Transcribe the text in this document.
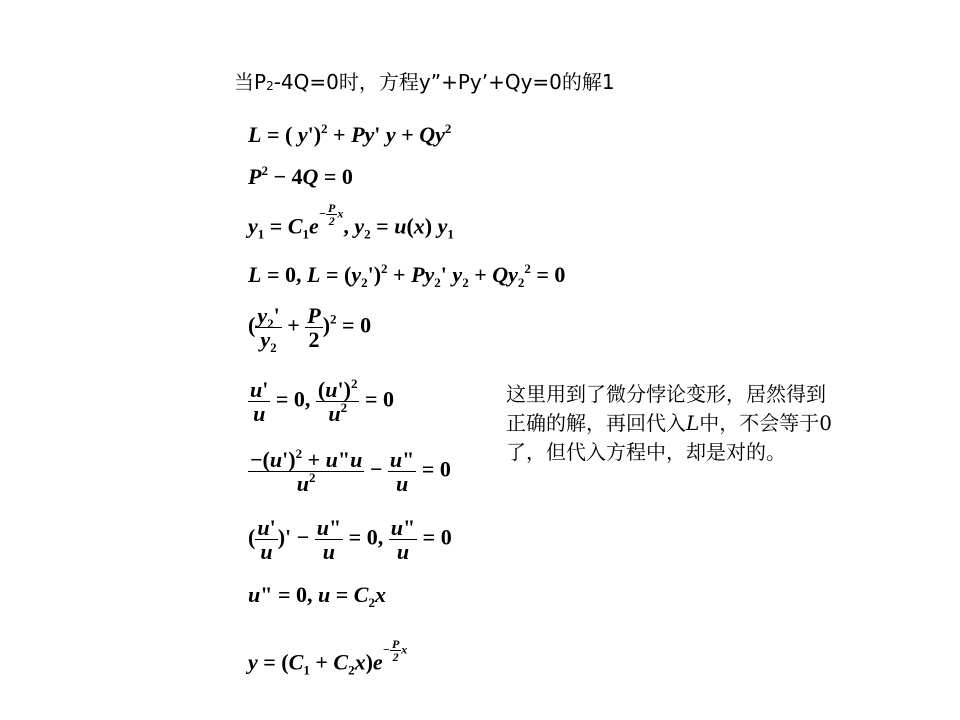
当$P_2-4Q=0$时，方程y”+Py’+Qy=0的解1
L = ( y')$^2$ + Py' $y + Qy^2$
$P^2 - 4Q = 0$
$y_1 = C_1e- \frac{P}{2} x$, $y_2 = u(x)$ $y_1$
L = 0, $L = (y_2')^2 + Py_2'$ $y_2 + Qy_2^2 = 0$
( $\frac{y_2'}{y_2} + \frac{P}{2} )^2 = 0$
$\frac{u'}{u} = 0$, $\frac{(u')^2}{u^2} = 0$
$\frac{-(u')^2 + u"u}{u^2} - \frac{u"}{u} = 0$
( $\frac{u'}{u}$ )' − $\frac{u"}{u} = 0$, $\frac{u"}{u} = 0$
u" = 0, $u = C_2x$
$y = (C_1 + C_2x)e- \frac{P}{2}$ x
这里用到了微分悖论变形，居然得到正确的解，再回代入L中，不会等于0了，但代入方程中，却是对的。
